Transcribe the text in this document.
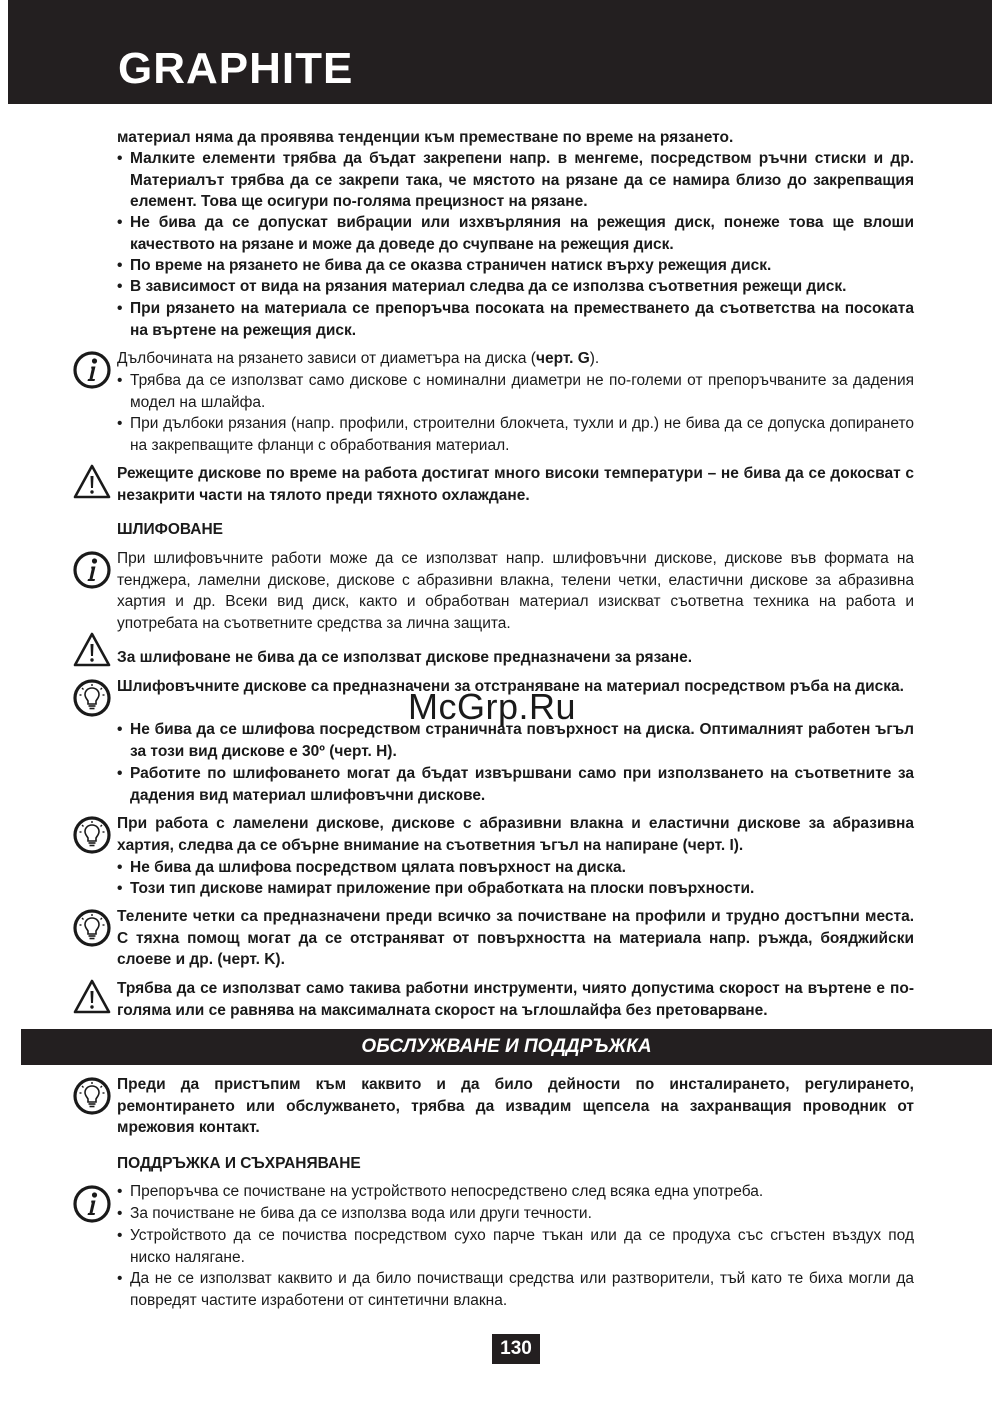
GRAPHITE
материал няма да проявява тенденции към преместване по време на рязането.
• Малките елементи трябва да бъдат закрепени напр. в менгеме, посредством ръчни стиски и др. Материалът трябва да се закрепи така, че мястото на рязане да се намира близо до закрепващия елемент. Това ще осигури по-голяма прецизност на рязане.
• Не бива да се допускат вибрации или изхвърляния на режещия диск, понеже това ще влоши качеството на рязане и може да доведе до счупване на режещия диск.
• По време на рязането не бива да се оказва страничен натиск върху режещия диск.
• В зависимост от вида на рязания материал следва да се използва съответния режещи диск.
• При рязането на материала се препоръчва посоката на преместването да съответства на посоката на въртене на режещия диск.
Дълбочината на рязането зависи от диаметъра на диска (черт. G).
• Трябва да се използват само дискове с номинални диаметри не по-големи от препоръчваните за дадения модел на шлайфа.
• При дълбоки рязания (напр. профили, строителни блокчета, тухли и др.) не бива да се допуска допирането на закрепващите фланци с обработвания материал.
Режещите дискове по време на работа достигат много високи температури – не бива да се докосват с незакрити части на тялото преди тяхното охлаждане.
ШЛИФОВАНЕ
При шлифовъчните работи може да се използват напр. шлифовъчни дискове, дискове във формата на тенджера, ламелни дискове, дискове с абразивни влакна, телени четки, еластични дискове за абразивна хартия и др. Всеки вид диск, както и обработван материал изискват съответна техника на работа и употребата на съответните средства за лична защита.
За шлифоване не бива да се използват дискове предназначени за рязане.
Шлифовъчните дискове са предназначени за отстраняване на материал посредством ръба на диска.
• Не бива да се шлифова посредством страничната повърхност на диска. Оптималният работен ъгъл за този вид дискове е 30º (черт. H).
• Работите по шлифоването могат да бъдат извършвани само при използването на съответните за дадения вид материал шлифовъчни дискове.
При работа с ламелени дискове, дискове с абразивни влакна и еластични дискове за абразивна хартия, следва да се обърне внимание на съответния ъгъл на напиране (черт. I).
• Не бива да шлифова посредством цялата повърхност на диска.
• Този тип дискове намират приложение при обработката на плоски повърхности.
Телените четки са предназначени преди всичко за почистване на профили и трудно достъпни места. С тяхна помощ могат да се отстраняват от повърхността на материала напр. ръжда, бояджийски слоеве и др. (черт. K).
Трябва да се използват само такива работни инструменти, чиято допустима скорост на въртене е по-голяма или се равнява на максималната скорост на ъглошлайфа без претоварване.
ОБСЛУЖВАНЕ И ПОДДРЪЖКА
Преди да пристъпим към каквито и да било дейности по инсталирането, регулирането, ремонтирането или обслужването, трябва да извадим щепсела на захранващия проводник от мрежовия контакт.
ПОДДРЪЖКА И СЪХРАНЯВАНЕ
• Препоръчва се почистване на устройството непосредствено след всяка една употреба.
• За почистване не бива да се използва вода или други течности.
• Устройството да се почиства посредством сухо парче тъкан или да се продуха със сгъстен въздух под ниско налягане.
• Да не се използват каквито и да било почистващи средства или разтворители, тъй като те биха могли да повредят частите изработени от синтетични влакна.
McGrp.Ru
130
